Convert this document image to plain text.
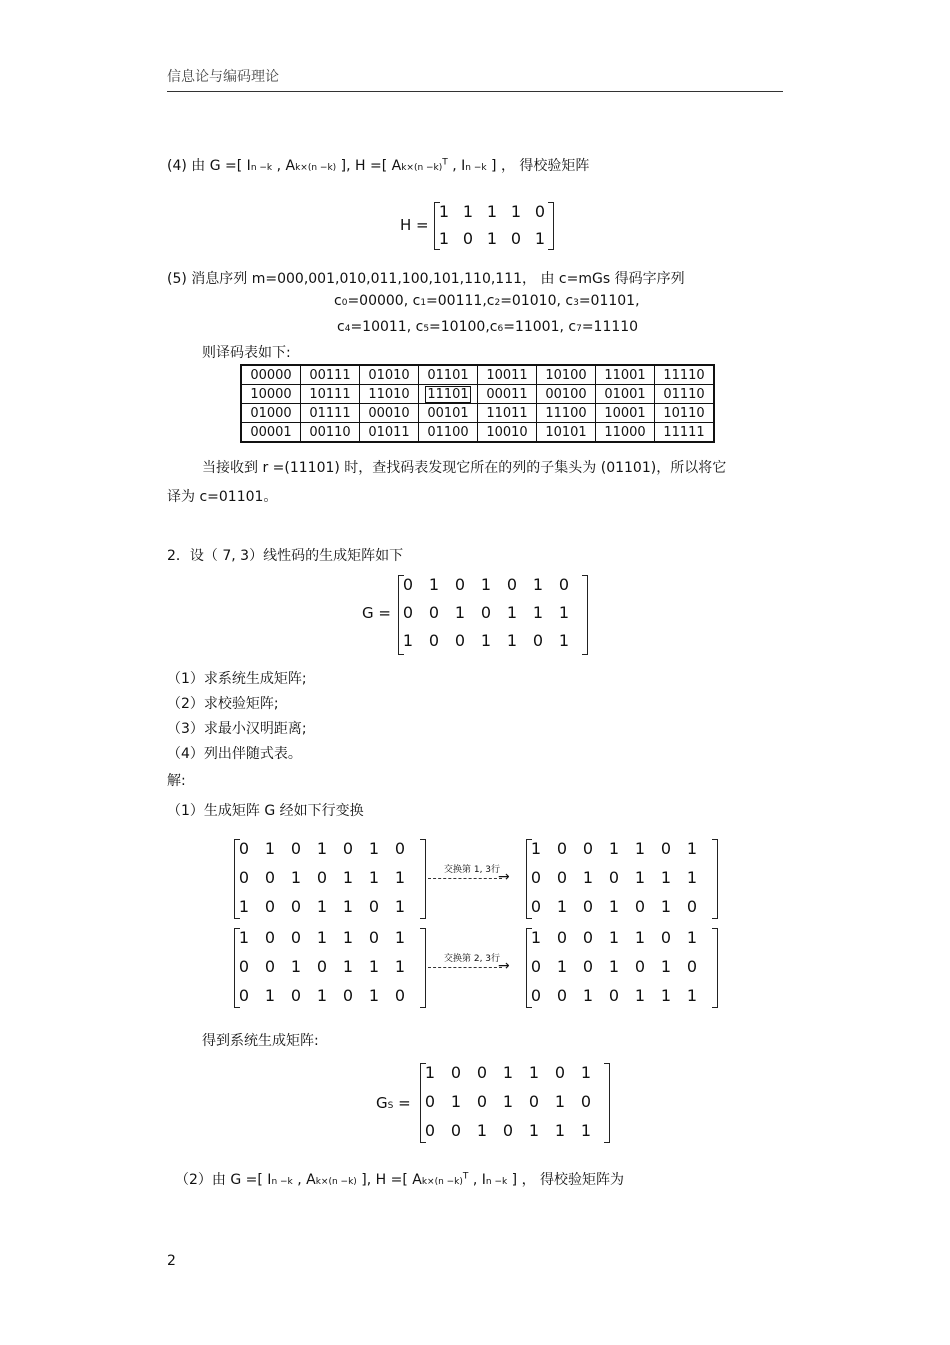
信息论与编码理论
(4) 由 G =[ In −k , Ak×(n −k) ], H =[ $Ak\times(n -k)^T$ , In −k ] ， 得校验矩阵
H =
1 1 1 1 0
1 0 1 0 1
(5) 消息序列 m=000,001,010,011,100,101,110,111， 由 c=mGs 得码字序列
c0=00000, c1=00111,c2=01010, c3=01101,
c4=10011, c5=10100,c6=11001, c7=11110
则译码表如下:
00000	00111	01010	01101	10011	10100	11001	11110
10000	10111	11010	11101	00011	00100	01001	01110
01000	01111	00010	00101	11011	11100	10001	10110
00001	00110	01011	01100	10010	10101	11000	11111
当接收到 r =(11101) 时，查找码表发现它所在的列的子集头为 (01101)，所以将它
译为 c=01101。
2．设（ 7, 3）线性码的生成矩阵如下
G =
0 1 0 1 0 1 0
0 0 1 0 1 1 1
1 0 0 1 1 0 1
（1）求系统生成矩阵;
（2）求校验矩阵;
（3）求最小汉明距离;
（4）列出伴随式表。
解:
（1）生成矩阵 G 经如下行变换
0 1 0 1 0 1 0
0 0 1 0 1 1 1
1 0 0 1 1 0 1
交换第 1, 3行
→
1 0 0 1 1 0 1
0 0 1 0 1 1 1
0 1 0 1 0 1 0
1 0 0 1 1 0 1
0 0 1 0 1 1 1
0 1 0 1 0 1 0
交换第 2, 3行
→
1 0 0 1 1 0 1
0 1 0 1 0 1 0
0 0 1 0 1 1 1
得到系统生成矩阵:
GS =
1 0 0 1 1 0 1
0 1 0 1 0 1 0
0 0 1 0 1 1 1
（2）由 G =[ In −k , Ak×(n −k) ], H =[ $Ak\times(n -k)^T$ , In −k ] ， 得校验矩阵为
2
